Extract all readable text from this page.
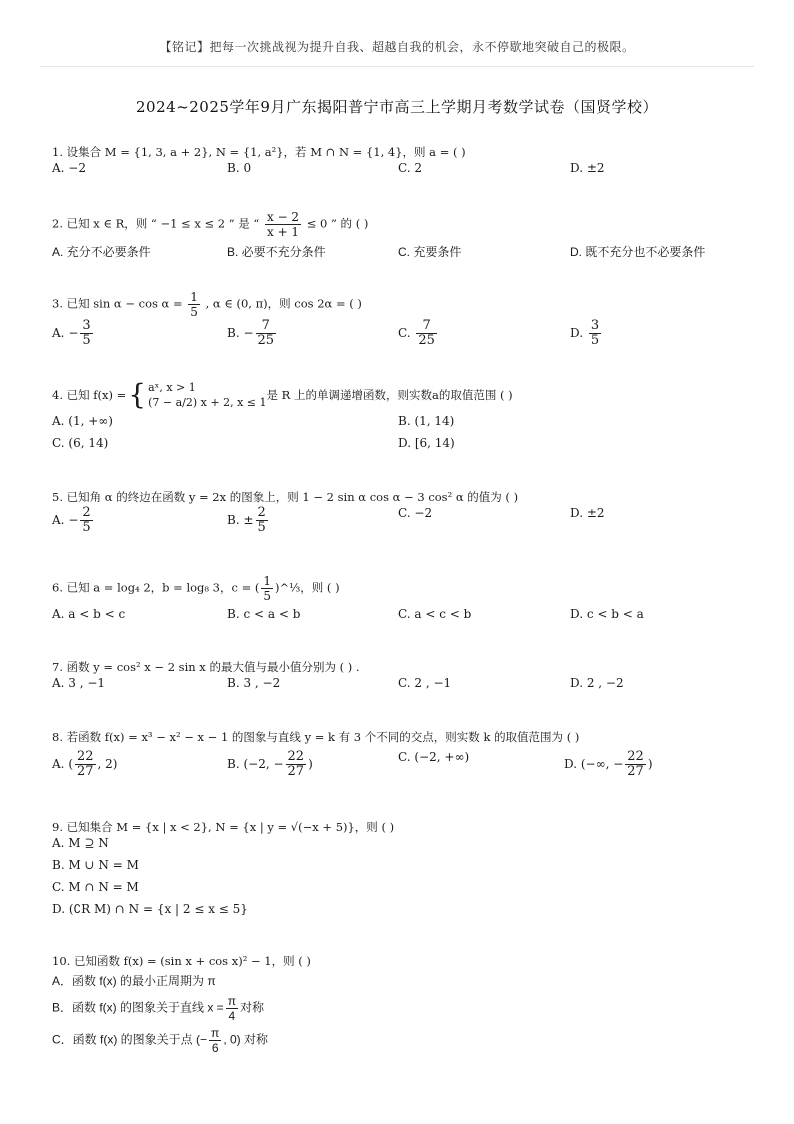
【铭记】把每一次挑战视为提升自我、超越自我的机会，永不停歇地突破自己的极限。
2024~2025学年9月广东揭阳普宁市高三上学期月考数学试卷（国贤学校）
1. 设集合 M = {1, 3, a + 2}, N = {1, a²}，若 M ∩ N = {1, 4}，则 a = ( )
A. −2	B. 0	C. 2	D. ±2
2. 已知 x ∈ R，则 “ −1 ≤ x ≤ 2 ” 是 “ $\frac{x - 2}{x + 1} \le 0$ ” 的 ( )
A. 充分不必要条件	B. 必要不充分条件	C. 充要条件	D. 既不充分也不必要条件
3. 已知 $\sin \alpha - \cos \alpha = \frac{1}{5}$ , α ∈ (0, π)，则 cos 2α = ( )
A. − $\frac{3}{5}$	B. − $\frac{7}{25}$	C. $\frac{7}{25}$	D. $\frac{3}{5}$
4. 已知 f(x) = { aˣ, x > 1
(7 − a/2) x + 2, x ≤ 1
是 R 上的单调递增函数，则实数a的取值范围 ( )
A. (1, +∞)	B. (1, 14)
C. (6, 14)	D. [6, 14)
5. 已知角 α 的终边在函数 y = 2x 的图象上，则 1 − 2 sin α cos α − 3 cos² α 的值为 ( )
A. − $\frac{2}{5}$	B. ± $\frac{2}{5}$	C. −2	D. ±2
6. 已知 a = log₄ 2，b = log₈ 3，c = ( $\frac{1}{5}$ )^⅓，则 ( )
A. a < b < c	B. c < a < b	C. a < c < b	D. c < b < a
7. 函数 y = cos² x − 2 sin x 的最大值与最小值分别为 ( ) .
A. 3 , −1	B. 3 , −2	C. 2 , −1	D. 2 , −2
8. 若函数 f(x) = x³ − x² − x − 1 的图象与直线 y = k 有 3 个不同的交点，则实数 k 的取值范围为 ( )
A. ( $\frac{22}{27}$ , 2)	B. (−2, − $\frac{22}{27}$ )	C. (−2, +∞)	D. (−∞, − $\frac{22}{27}$ )
9. 已知集合 M = {x | x < 2}, N = {x | y = √(−x + 5)}，则 ( )
A. M ⊇ N
B. M ∪ N = M
C. M ∩ N = M
D. (∁R M) ∩ N = {x | 2 ≤ x ≤ 5}
10. 已知函数 f(x) = (sin x + cos x)² − 1，则 ( )
A．函数 f(x) 的最小正周期为 π
B．函数 f(x) 的图象关于直线 $x = \frac{\pi}{4}$ 对称
C．函数 f(x) 的图象关于点 (− $\frac{\pi}{6}$ , 0) 对称
